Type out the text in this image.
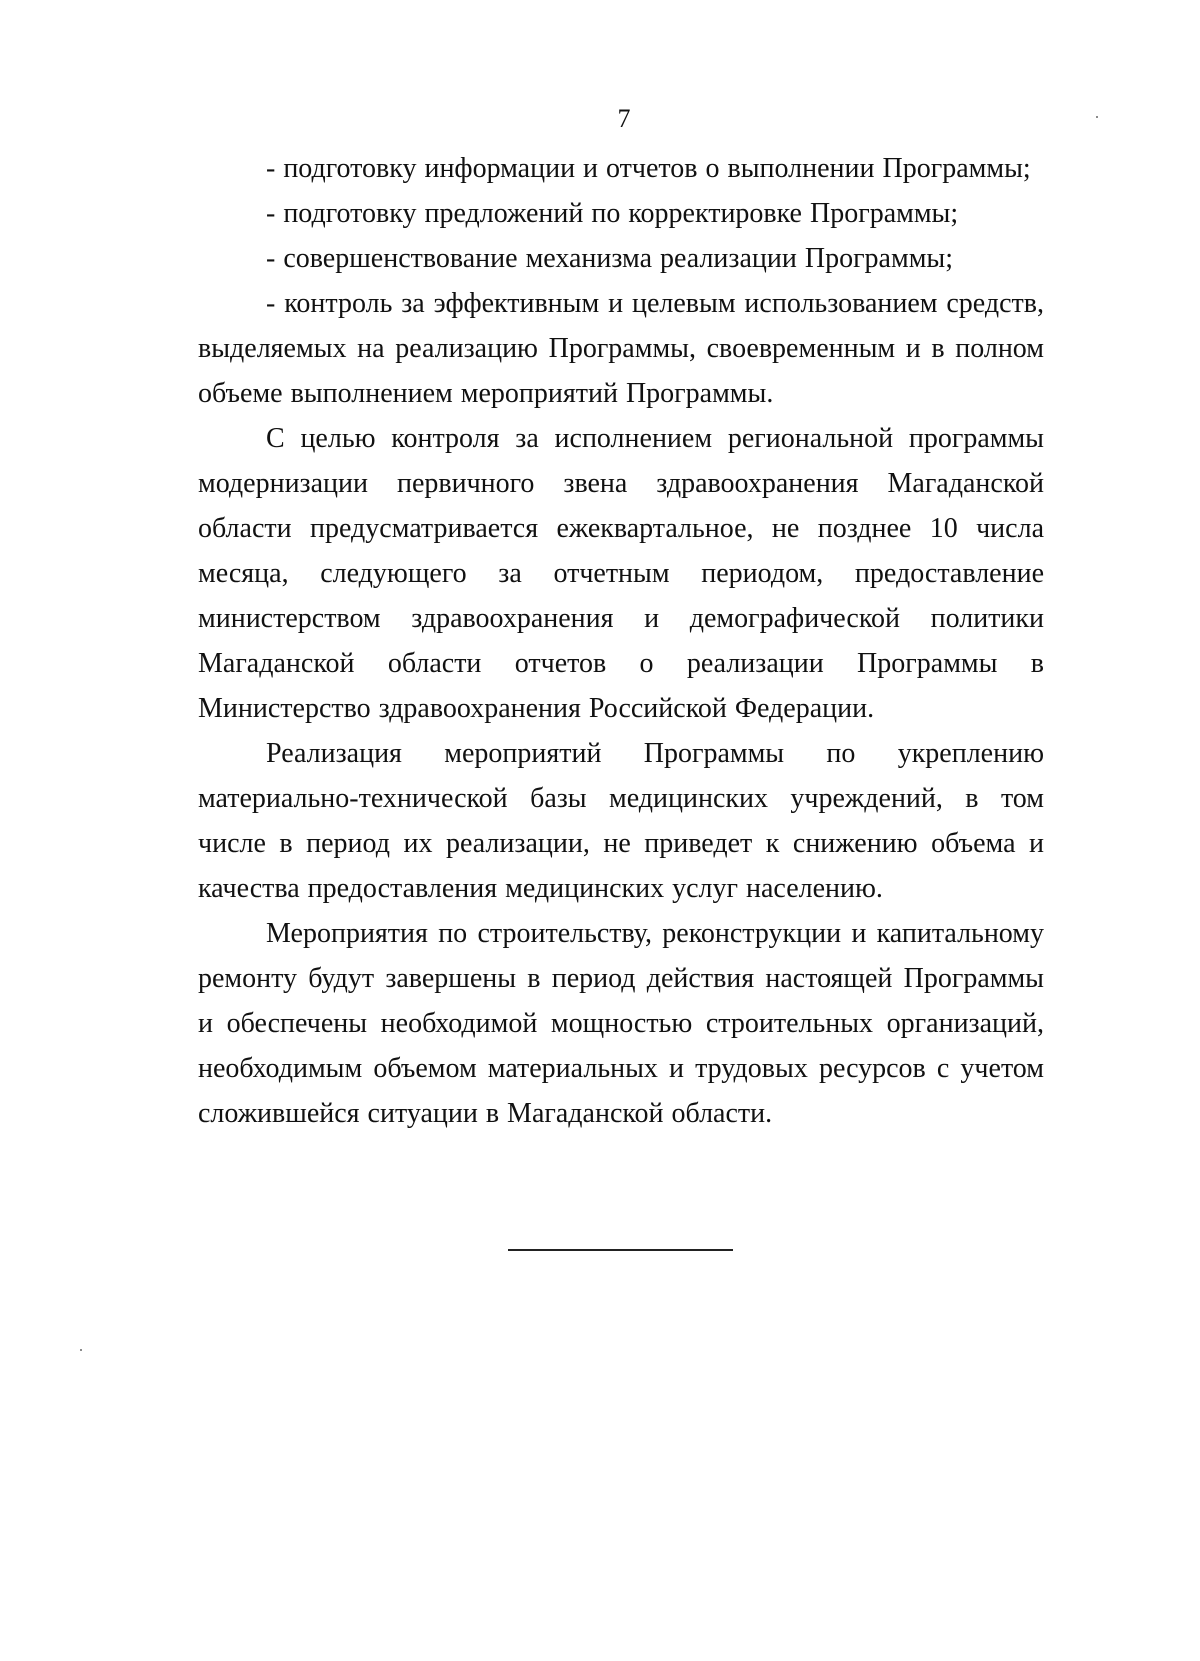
7

- подготовку информации и отчетов о выполнении Программы;

- подготовку предложений по корректировке Программы;

- совершенствование механизма реализации Программы;

- контроль за эффективным и целевым использованием средств, выделяемых на реализацию Программы, своевременным и в полном объеме выполнением мероприятий Программы.

С целью контроля за исполнением региональной программы модернизации первичного звена здравоохранения Магаданской области предусматривается ежеквартальное, не позднее 10 числа месяца, следующего за отчетным периодом, предоставление министерством здравоохранения и демографической политики Магаданской области отчетов о реализации Программы в Министерство здравоохранения Российской Федерации.

Реализация мероприятий Программы по укреплению материально-технической базы медицинских учреждений, в том числе в период их реализации, не приведет к снижению объема и качества предоставления медицинских услуг населению.

Мероприятия по строительству, реконструкции и капитальному ремонту будут завершены в период действия настоящей Программы и обеспечены необходимой мощностью строительных организаций, необходимым объемом материальных и трудовых ресурсов с учетом сложившейся ситуации в Магаданской области.
